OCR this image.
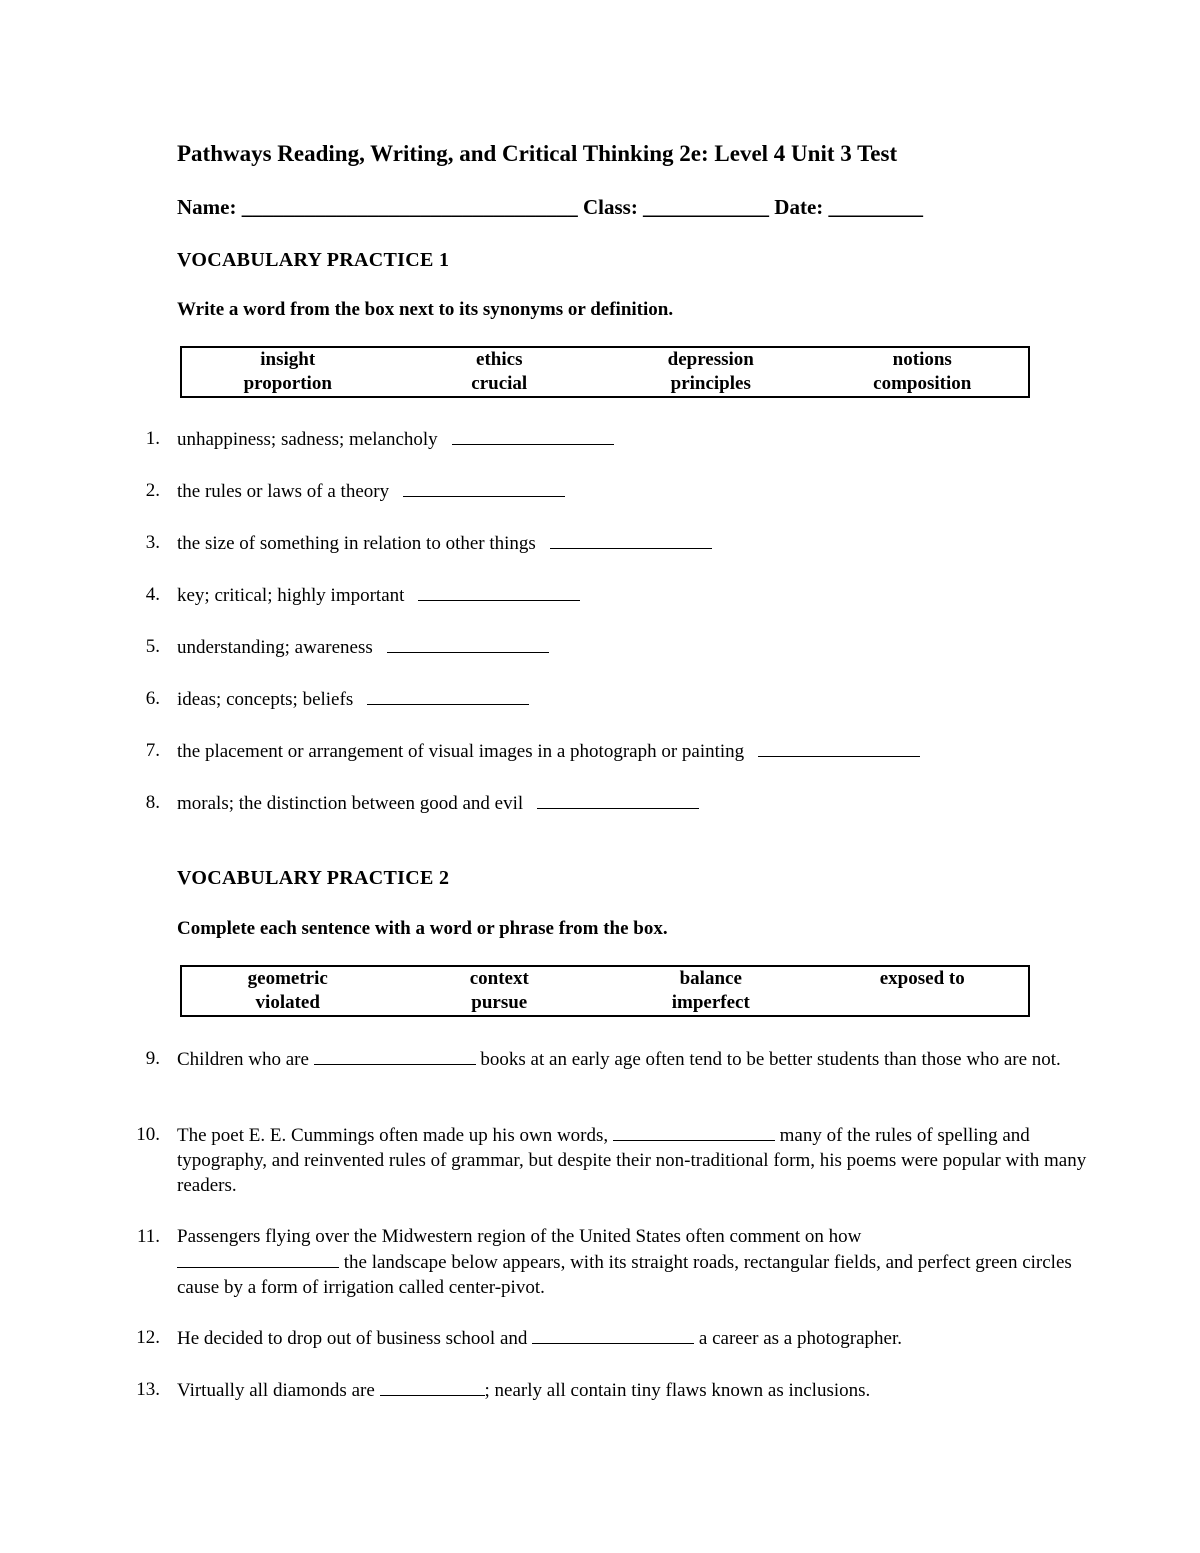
Pathways Reading, Writing, and Critical Thinking 2e: Level 4 Unit 3 Test
Name: ________________________________ Class: ____________ Date: _________
VOCABULARY PRACTICE 1
Write a word from the box next to its synonyms or definition.
insight	ethics	depression	notions
proportion	crucial	principles	composition
1. unhappiness; sadness; melancholy
2. the rules or laws of a theory
3. the size of something in relation to other things
4. key; critical; highly important
5. understanding; awareness
6. ideas; concepts; beliefs
7. the placement or arrangement of visual images in a photograph or painting
8. morals; the distinction between good and evil
VOCABULARY PRACTICE 2
Complete each sentence with a word or phrase from the box.
geometric	context	balance	exposed to
violated	pursue	imperfect
9. Children who are	books at an early age often tend to be better students than those who are not.
10. The poet E. E. Cummings often made up his own words,	many of the rules of spelling and typography, and reinvented rules of grammar, but despite their non-traditional form, his poems were popular with many readers.
11. Passengers flying over the Midwestern region of the United States often comment on how
the landscape below appears, with its straight roads, rectangular fields, and perfect green circles cause by a form of irrigation called center-pivot.
12. He decided to drop out of business school and	a career as a photographer.
13. Virtually all diamonds are	; nearly all contain tiny flaws known as inclusions.
